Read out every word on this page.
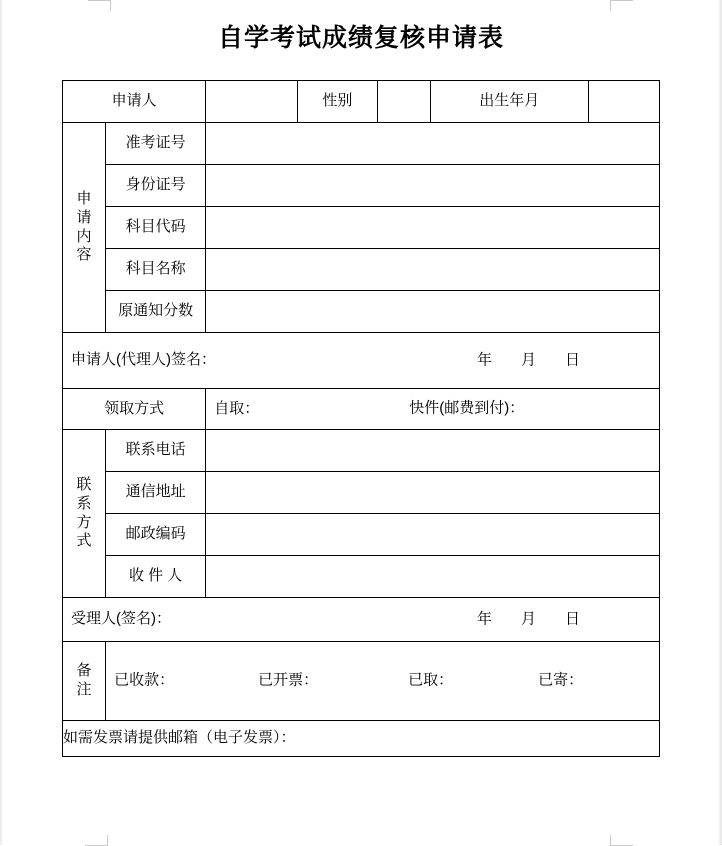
自学考试成绩复核申请表
申请人			性别		出生年月	

申
请
内
容	准考证号					
	身份证号					
	科目代码					
	科目名称					
	原通知分数					

申请人(代理人)签名： 年 月 日						

领取方式		自取： 快件(邮费到付)：				

联
系
方
式	联系电话					
	通信地址					
	邮政编码					
	收 件 人					

受理人(签名)： 年 月 日						

备
注	已收款： 已开票： 已取： 已寄：					

如需发票请提供邮箱（电子发票）：						
